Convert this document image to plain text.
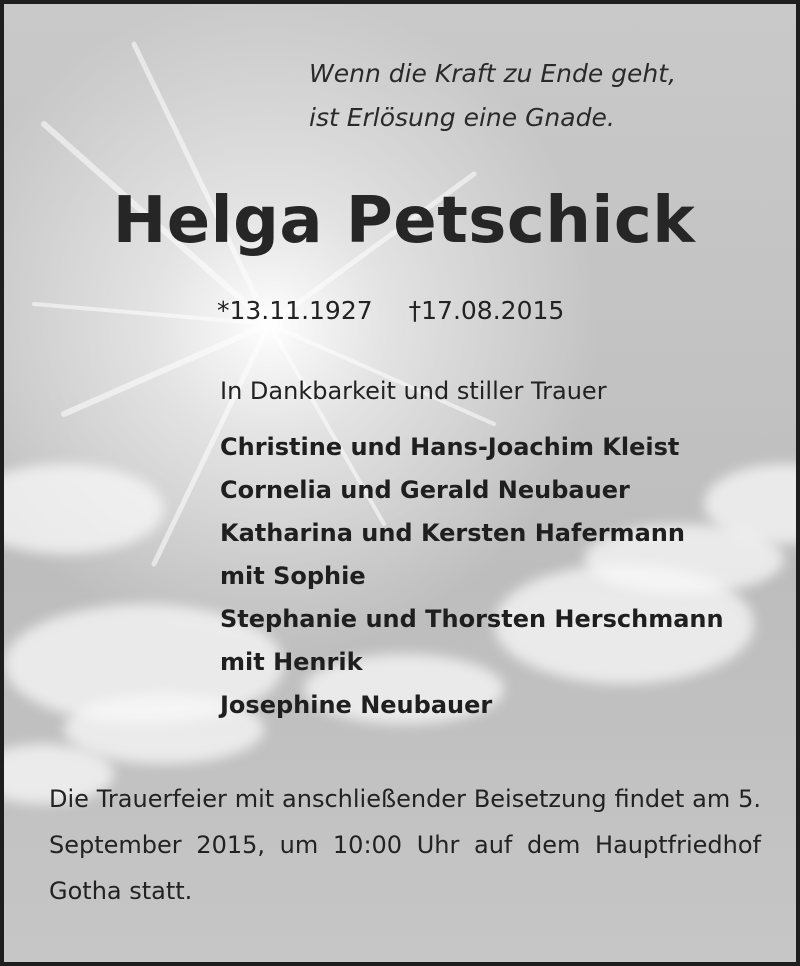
Wenn die Kraft zu Ende geht,
ist Erlösung eine Gnade.
Helga Petschick
*13.11.1927 †17.08.2015
In Dankbarkeit und stiller Trauer
Christine und Hans-Joachim Kleist
Cornelia und Gerald Neubauer
Katharina und Kersten Hafermann
mit Sophie
Stephanie und Thorsten Herschmann
mit Henrik
Josephine Neubauer
Die Trauerfeier mit anschließender Beisetzung findet am 5. September 2015, um 10:00 Uhr auf dem Hauptfriedhof Gotha statt.
